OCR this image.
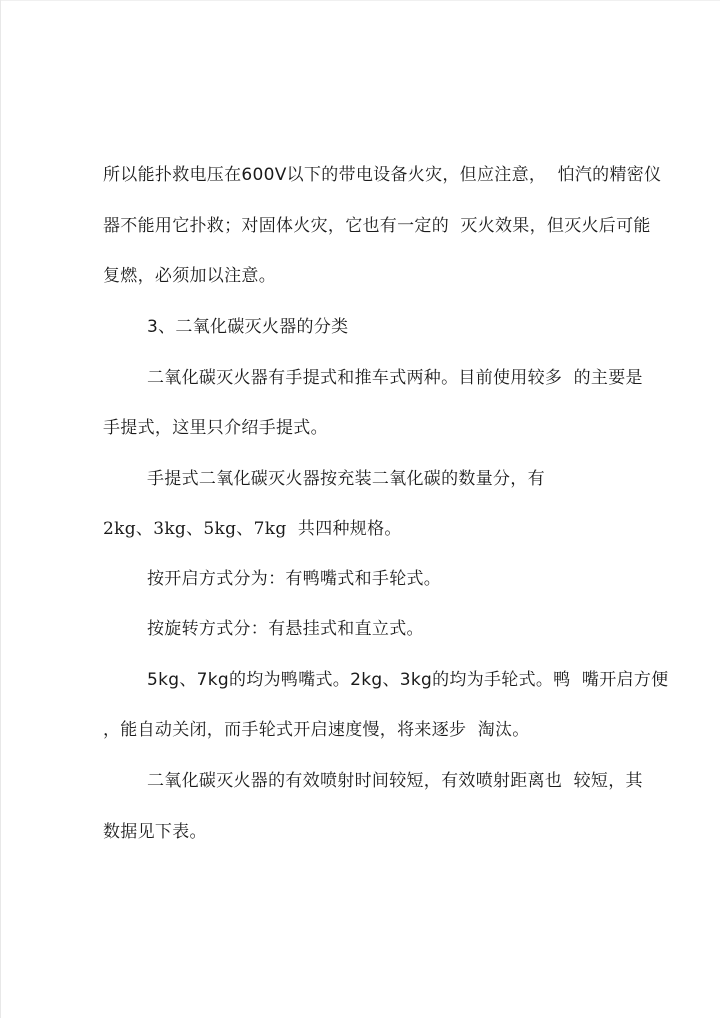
所以能扑救电压在600V以下的带电设备火灾，但应注意，  怕汽的精密仪

器不能用它扑救；对固体火灾，它也有一定的  灭火效果，但灭火后可能

复燃，必须加以注意。

3、二氧化碳灭火器的分类

二氧化碳灭火器有手提式和推车式两种。目前使用较多  的主要是

手提式，这里只介绍手提式。

手提式二氧化碳灭火器按充装二氧化碳的数量分，有

2kg、3kg、5kg、7kg  共四种规格。

按开启方式分为：有鸭嘴式和手轮式。

按旋转方式分：有悬挂式和直立式。

5kg、7kg的均为鸭嘴式。2kg、3kg的均为手轮式。鸭  嘴开启方便

，能自动关闭，而手轮式开启速度慢，将来逐步  淘汰。

二氧化碳灭火器的有效喷射时间较短，有效喷射距离也  较短，其

数据见下表。
